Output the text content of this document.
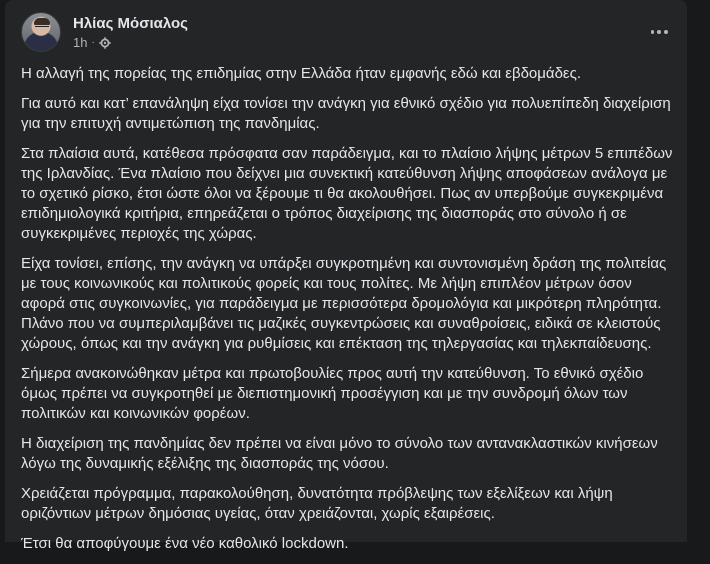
Ηλίας Μόσιαλος
1h ·

Η αλλαγή της πορείας της επιδημίας στην Ελλάδα ήταν εμφανής εδώ και εβδομάδες.

Για αυτό και κατ’ επανάληψη είχα τονίσει την ανάγκη για εθνικό σχέδιο για πολυεπίπεδη διαχείριση για την επιτυχή αντιμετώπιση της πανδημίας.

Στα πλαίσια αυτά, κατέθεσα πρόσφατα σαν παράδειγμα, και το πλαίσιο λήψης μέτρων 5 επιπέδων της Ιρλανδίας. Ένα πλαίσιο που δείχνει μια συνεκτική κατεύθυνση λήψης αποφάσεων ανάλογα με το σχετικό ρίσκο, έτσι ώστε όλοι να ξέρουμε τι θα ακολουθήσει. Πως αν υπερβούμε συγκεκριμένα επιδημιολογικά κριτήρια, επηρεάζεται ο τρόπος διαχείρισης της διασποράς στο σύνολο ή σε συγκεκριμένες περιοχές της χώρας.

Είχα τονίσει, επίσης, την ανάγκη να υπάρξει συγκροτημένη και συντονισμένη δράση της πολιτείας με τους κοινωνικούς και πολιτικούς φορείς και τους πολίτες. Με λήψη επιπλέον μέτρων όσον αφορά στις συγκοινωνίες, για παράδειγμα με περισσότερα δρομολόγια και μικρότερη πληρότητα. Πλάνο που να συμπεριλαμβάνει τις μαζικές συγκεντρώσεις και συναθροίσεις, ειδικά σε κλειστούς χώρους, όπως και την ανάγκη για ρυθμίσεις και επέκταση της τηλεργασίας και τηλεκπαίδευσης.

Σήμερα ανακοινώθηκαν μέτρα και πρωτοβουλίες προς αυτή την κατεύθυνση. Το εθνικό σχέδιο όμως πρέπει να συγκροτηθεί με διεπιστημονική προσέγγιση και με την συνδρομή όλων των πολιτικών και κοινωνικών φορέων.

Η διαχείριση της πανδημίας δεν πρέπει να είναι μόνο το σύνολο των αντανακλαστικών κινήσεων λόγω της δυναμικής εξέλιξης της διασποράς της νόσου.

Χρειάζεται πρόγραμμα, παρακολούθηση, δυνατότητα πρόβλεψης των εξελίξεων και λήψη οριζόντιων μέτρων δημόσιας υγείας, όταν χρειάζονται, χωρίς εξαιρέσεις.

Έτσι θα αποφύγουμε ένα νέο καθολικό lockdown.
